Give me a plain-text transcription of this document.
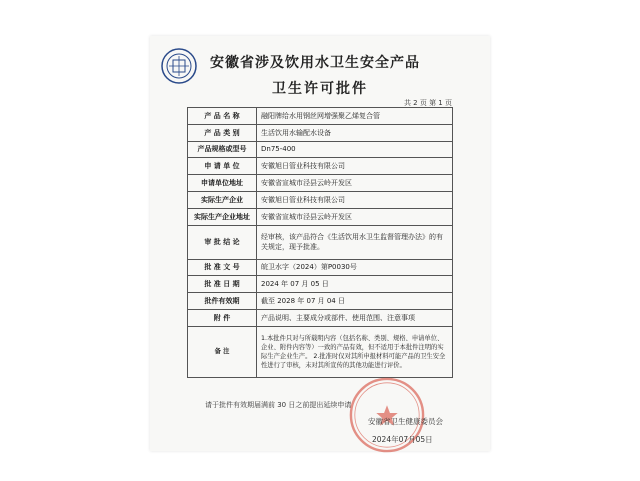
安徽省涉及饮用水卫生安全产品
卫生许可批件
共 2 页 第 1 页
产 品 名 称	融阳牌给水用钢丝网增强聚乙烯复合管
产 品 类 别	生活饮用水输配水设备
产品规格或型号	Dn75-400
申 请 单 位	安徽旭日管业科技有限公司
申请单位地址	安徽省宣城市泾县云岭开发区
实际生产企业	安徽旭日管业科技有限公司
实际生产企业地址	安徽省宣城市泾县云岭开发区
审 批 结 论	经审核，该产品符合《生活饮用水卫生监督管理办法》的有关规定，现予批准。
批 准 文 号	皖卫水字（2024）第P0030号
批 准 日 期	2024 年 07 月 05 日
批件有效期	截至 2028 年 07 月 04 日
附 件	产品说明、主要成分或部件、使用范围、注意事项
备 注	1.本批件只对与所载明内容（包括名称、类别、规格、申请单位、企业、附件内容等）一致的产品有效，但不适用于本批件注明的实际生产企业生产。 2.批准时仅对其所申报材料可能产品的卫生安全性进行了审核，未对其所宣传的其他功能进行评价。
请于批件有效期届满前 30 日之前提出延续申请
安徽省卫生健康委员会
2024年07月05日
